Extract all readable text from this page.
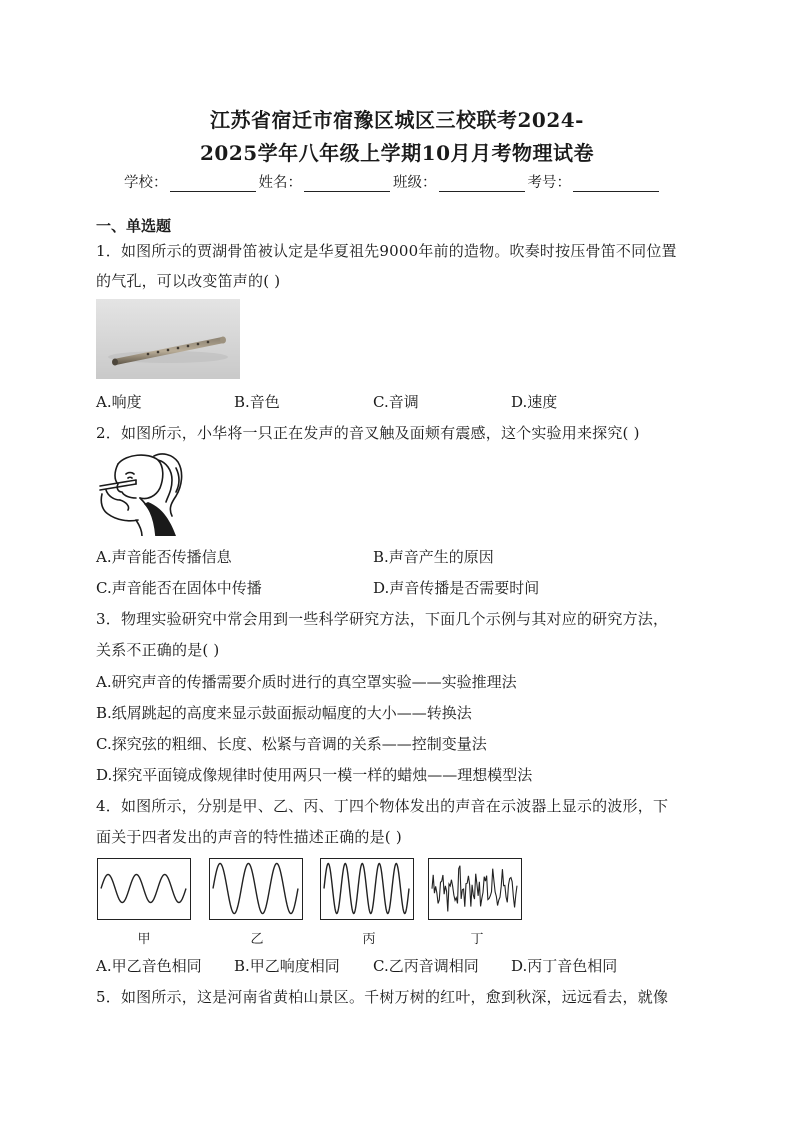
江苏省宿迁市宿豫区城区三校联考2024-
2025学年八年级上学期10月月考物理试卷
学校：	姓名：	班级：	考号：
一、单选题
1．如图所示的贾湖骨笛被认定是华夏祖先9000年前的造物。吹奏时按压骨笛不同位置
的气孔，可以改变笛声的( )
A.响度	B.音色	C.音调	D.速度
2．如图所示，小华将一只正在发声的音叉触及面颊有震感，这个实验用来探究( )
A.声音能否传播信息	B.声音产生的原因
C.声音能否在固体中传播	D.声音传播是否需要时间
3．物理实验研究中常会用到一些科学研究方法，下面几个示例与其对应的研究方法，
关系不正确的是( )
A.研究声音的传播需要介质时进行的真空罩实验——实验推理法
B.纸屑跳起的高度来显示鼓面振动幅度的大小——转换法
C.探究弦的粗细、长度、松紧与音调的关系——控制变量法
D.探究平面镜成像规律时使用两只一模一样的蜡烛——理想模型法
4．如图所示，分别是甲、乙、丙、丁四个物体发出的声音在示波器上显示的波形，下
面关于四者发出的声音的特性描述正确的是( )
甲	乙	丙	丁
A.甲乙音色相同 B.甲乙响度相同 C.乙丙音调相同 D.丙丁音色相同
5．如图所示，这是河南省黄柏山景区。千树万树的红叶，愈到秋深，远远看去，就像
